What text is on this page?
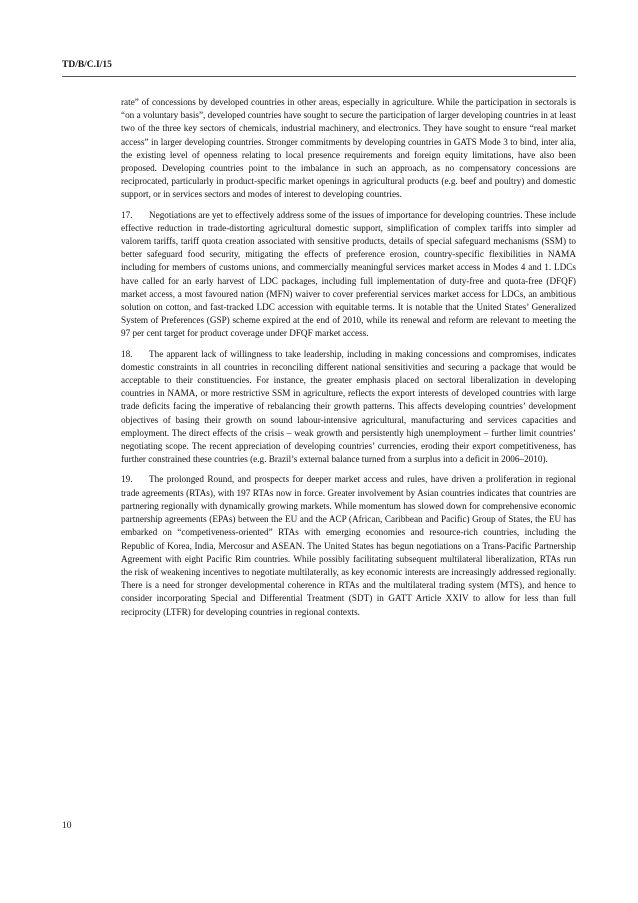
TD/B/C.I/15

rate” of concessions by developed countries in other areas, especially in agriculture. While the participation in sectorals is “on a voluntary basis”, developed countries have sought to secure the participation of larger developing countries in at least two of the three key sectors of chemicals, industrial machinery, and electronics. They have sought to ensure “real market access” in larger developing countries. Stronger commitments by developing countries in GATS Mode 3 to bind, inter alia, the existing level of openness relating to local presence requirements and foreign equity limitations, have also been proposed. Developing countries point to the imbalance in such an approach, as no compensatory concessions are reciprocated, particularly in product-specific market openings in agricultural products (e.g. beef and poultry) and domestic support, or in services sectors and modes of interest to developing countries.

17. Negotiations are yet to effectively address some of the issues of importance for developing countries. These include effective reduction in trade-distorting agricultural domestic support, simplification of complex tariffs into simpler ad valorem tariffs, tariff quota creation associated with sensitive products, details of special safeguard mechanisms (SSM) to better safeguard food security, mitigating the effects of preference erosion, country-specific flexibilities in NAMA including for members of customs unions, and commercially meaningful services market access in Modes 4 and 1. LDCs have called for an early harvest of LDC packages, including full implementation of duty-free and quota-free (DFQF) market access, a most favoured nation (MFN) waiver to cover preferential services market access for LDCs, an ambitious solution on cotton, and fast-tracked LDC accession with equitable terms. It is notable that the United States’ Generalized System of Preferences (GSP) scheme expired at the end of 2010, while its renewal and reform are relevant to meeting the 97 per cent target for product coverage under DFQF market access.

18. The apparent lack of willingness to take leadership, including in making concessions and compromises, indicates domestic constraints in all countries in reconciling different national sensitivities and securing a package that would be acceptable to their constituencies. For instance, the greater emphasis placed on sectoral liberalization in developing countries in NAMA, or more restrictive SSM in agriculture, reflects the export interests of developed countries with large trade deficits facing the imperative of rebalancing their growth patterns. This affects developing countries’ development objectives of basing their growth on sound labour-intensive agricultural, manufacturing and services capacities and employment. The direct effects of the crisis – weak growth and persistently high unemployment – further limit countries’ negotiating scope. The recent appreciation of developing countries’ currencies, eroding their export competitiveness, has further constrained these countries (e.g. Brazil’s external balance turned from a surplus into a deficit in 2006–2010).

19. The prolonged Round, and prospects for deeper market access and rules, have driven a proliferation in regional trade agreements (RTAs), with 197 RTAs now in force. Greater involvement by Asian countries indicates that countries are partnering regionally with dynamically growing markets. While momentum has slowed down for comprehensive economic partnership agreements (EPAs) between the EU and the ACP (African, Caribbean and Pacific) Group of States, the EU has embarked on “competiveness-oriented” RTAs with emerging economies and resource-rich countries, including the Republic of Korea, India, Mercosur and ASEAN. The United States has begun negotiations on a Trans-Pacific Partnership Agreement with eight Pacific Rim countries. While possibly facilitating subsequent multilateral liberalization, RTAs run the risk of weakening incentives to negotiate multilaterally, as key economic interests are increasingly addressed regionally. There is a need for stronger developmental coherence in RTAs and the multilateral trading system (MTS), and hence to consider incorporating Special and Differential Treatment (SDT) in GATT Article XXIV to allow for less than full reciprocity (LTFR) for developing countries in regional contexts.

10
